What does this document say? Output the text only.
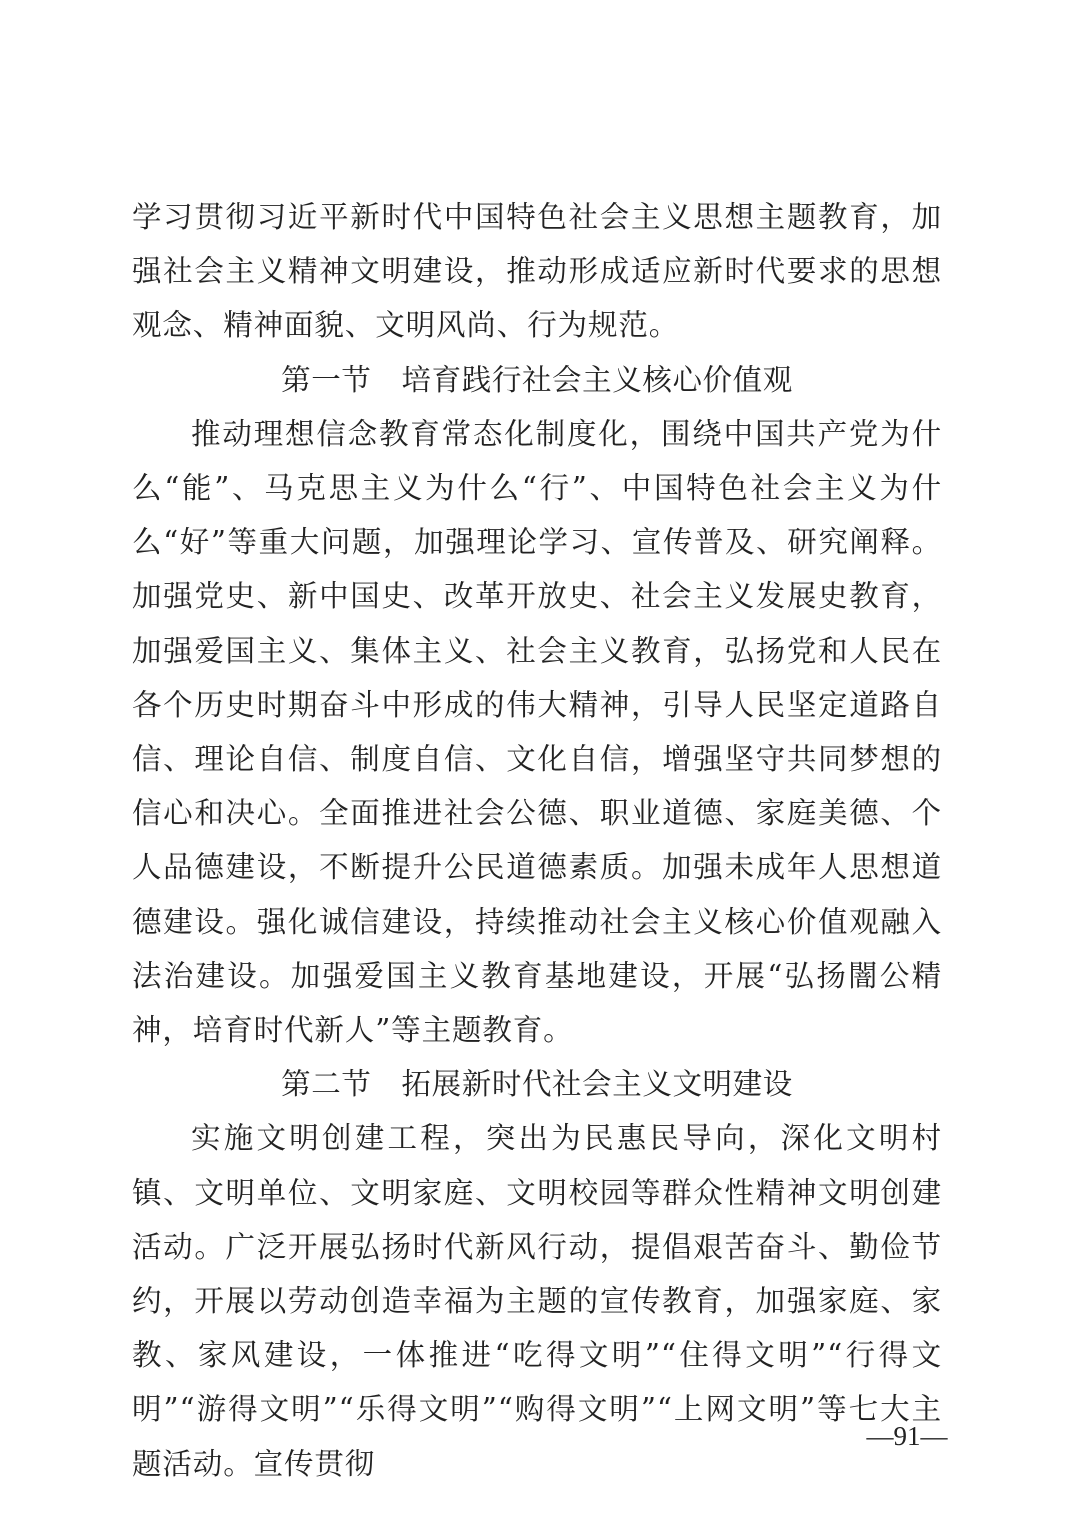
学习贯彻习近平新时代中国特色社会主义思想主题教育，加强社会主义精神文明建设，推动形成适应新时代要求的思想观念、精神面貌、文明风尚、行为规范。

第一节　培育践行社会主义核心价值观

推动理想信念教育常态化制度化，围绕中国共产党为什么“能”、马克思主义为什么“行”、中国特色社会主义为什么“好”等重大问题，加强理论学习、宣传普及、研究阐释。加强党史、新中国史、改革开放史、社会主义发展史教育，加强爱国主义、集体主义、社会主义教育，弘扬党和人民在各个历史时期奋斗中形成的伟大精神，引导人民坚定道路自信、理论自信、制度自信、文化自信，增强坚守共同梦想的信心和决心。全面推进社会公德、职业道德、家庭美德、个人品德建设，不断提升公民道德素质。加强未成年人思想道德建设。强化诚信建设，持续推动社会主义核心价值观融入法治建设。加强爱国主义教育基地建设，开展“弘扬闇公精神，培育时代新人”等主题教育。

第二节　拓展新时代社会主义文明建设

实施文明创建工程，突出为民惠民导向，深化文明村镇、文明单位、文明家庭、文明校园等群众性精神文明创建活动。广泛开展弘扬时代新风行动，提倡艰苦奋斗、勤俭节约，开展以劳动创造幸福为主题的宣传教育，加强家庭、家教、家风建设，一体推进“吃得文明”“住得文明”“行得文明”“游得文明”“乐得文明”“购得文明”“上网文明”等七大主题活动。宣传贯彻

—91—
